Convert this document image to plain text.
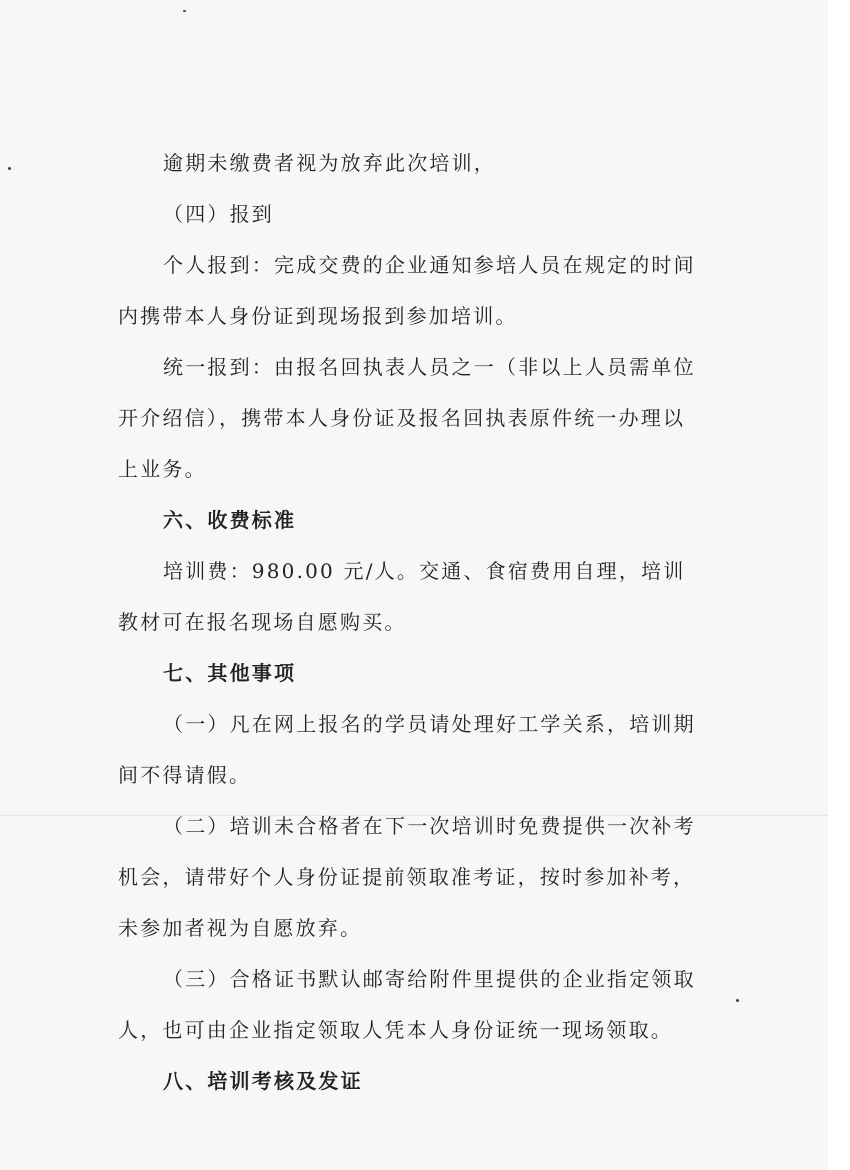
逾期未缴费者视为放弃此次培训，

（四）报到

个人报到：完成交费的企业通知参培人员在规定的时间内携带本人身份证到现场报到参加培训。

统一报到：由报名回执表人员之一（非以上人员需单位开介绍信），携带本人身份证及报名回执表原件统一办理以上业务。

六、收费标准

培训费：980.00 元/人。交通、食宿费用自理，培训教材可在报名现场自愿购买。

七、其他事项

（一）凡在网上报名的学员请处理好工学关系，培训期间不得请假。

（二）培训未合格者在下一次培训时免费提供一次补考机会，请带好个人身份证提前领取准考证，按时参加补考，未参加者视为自愿放弃。

（三）合格证书默认邮寄给附件里提供的企业指定领取人，也可由企业指定领取人凭本人身份证统一现场领取。

八、培训考核及发证
